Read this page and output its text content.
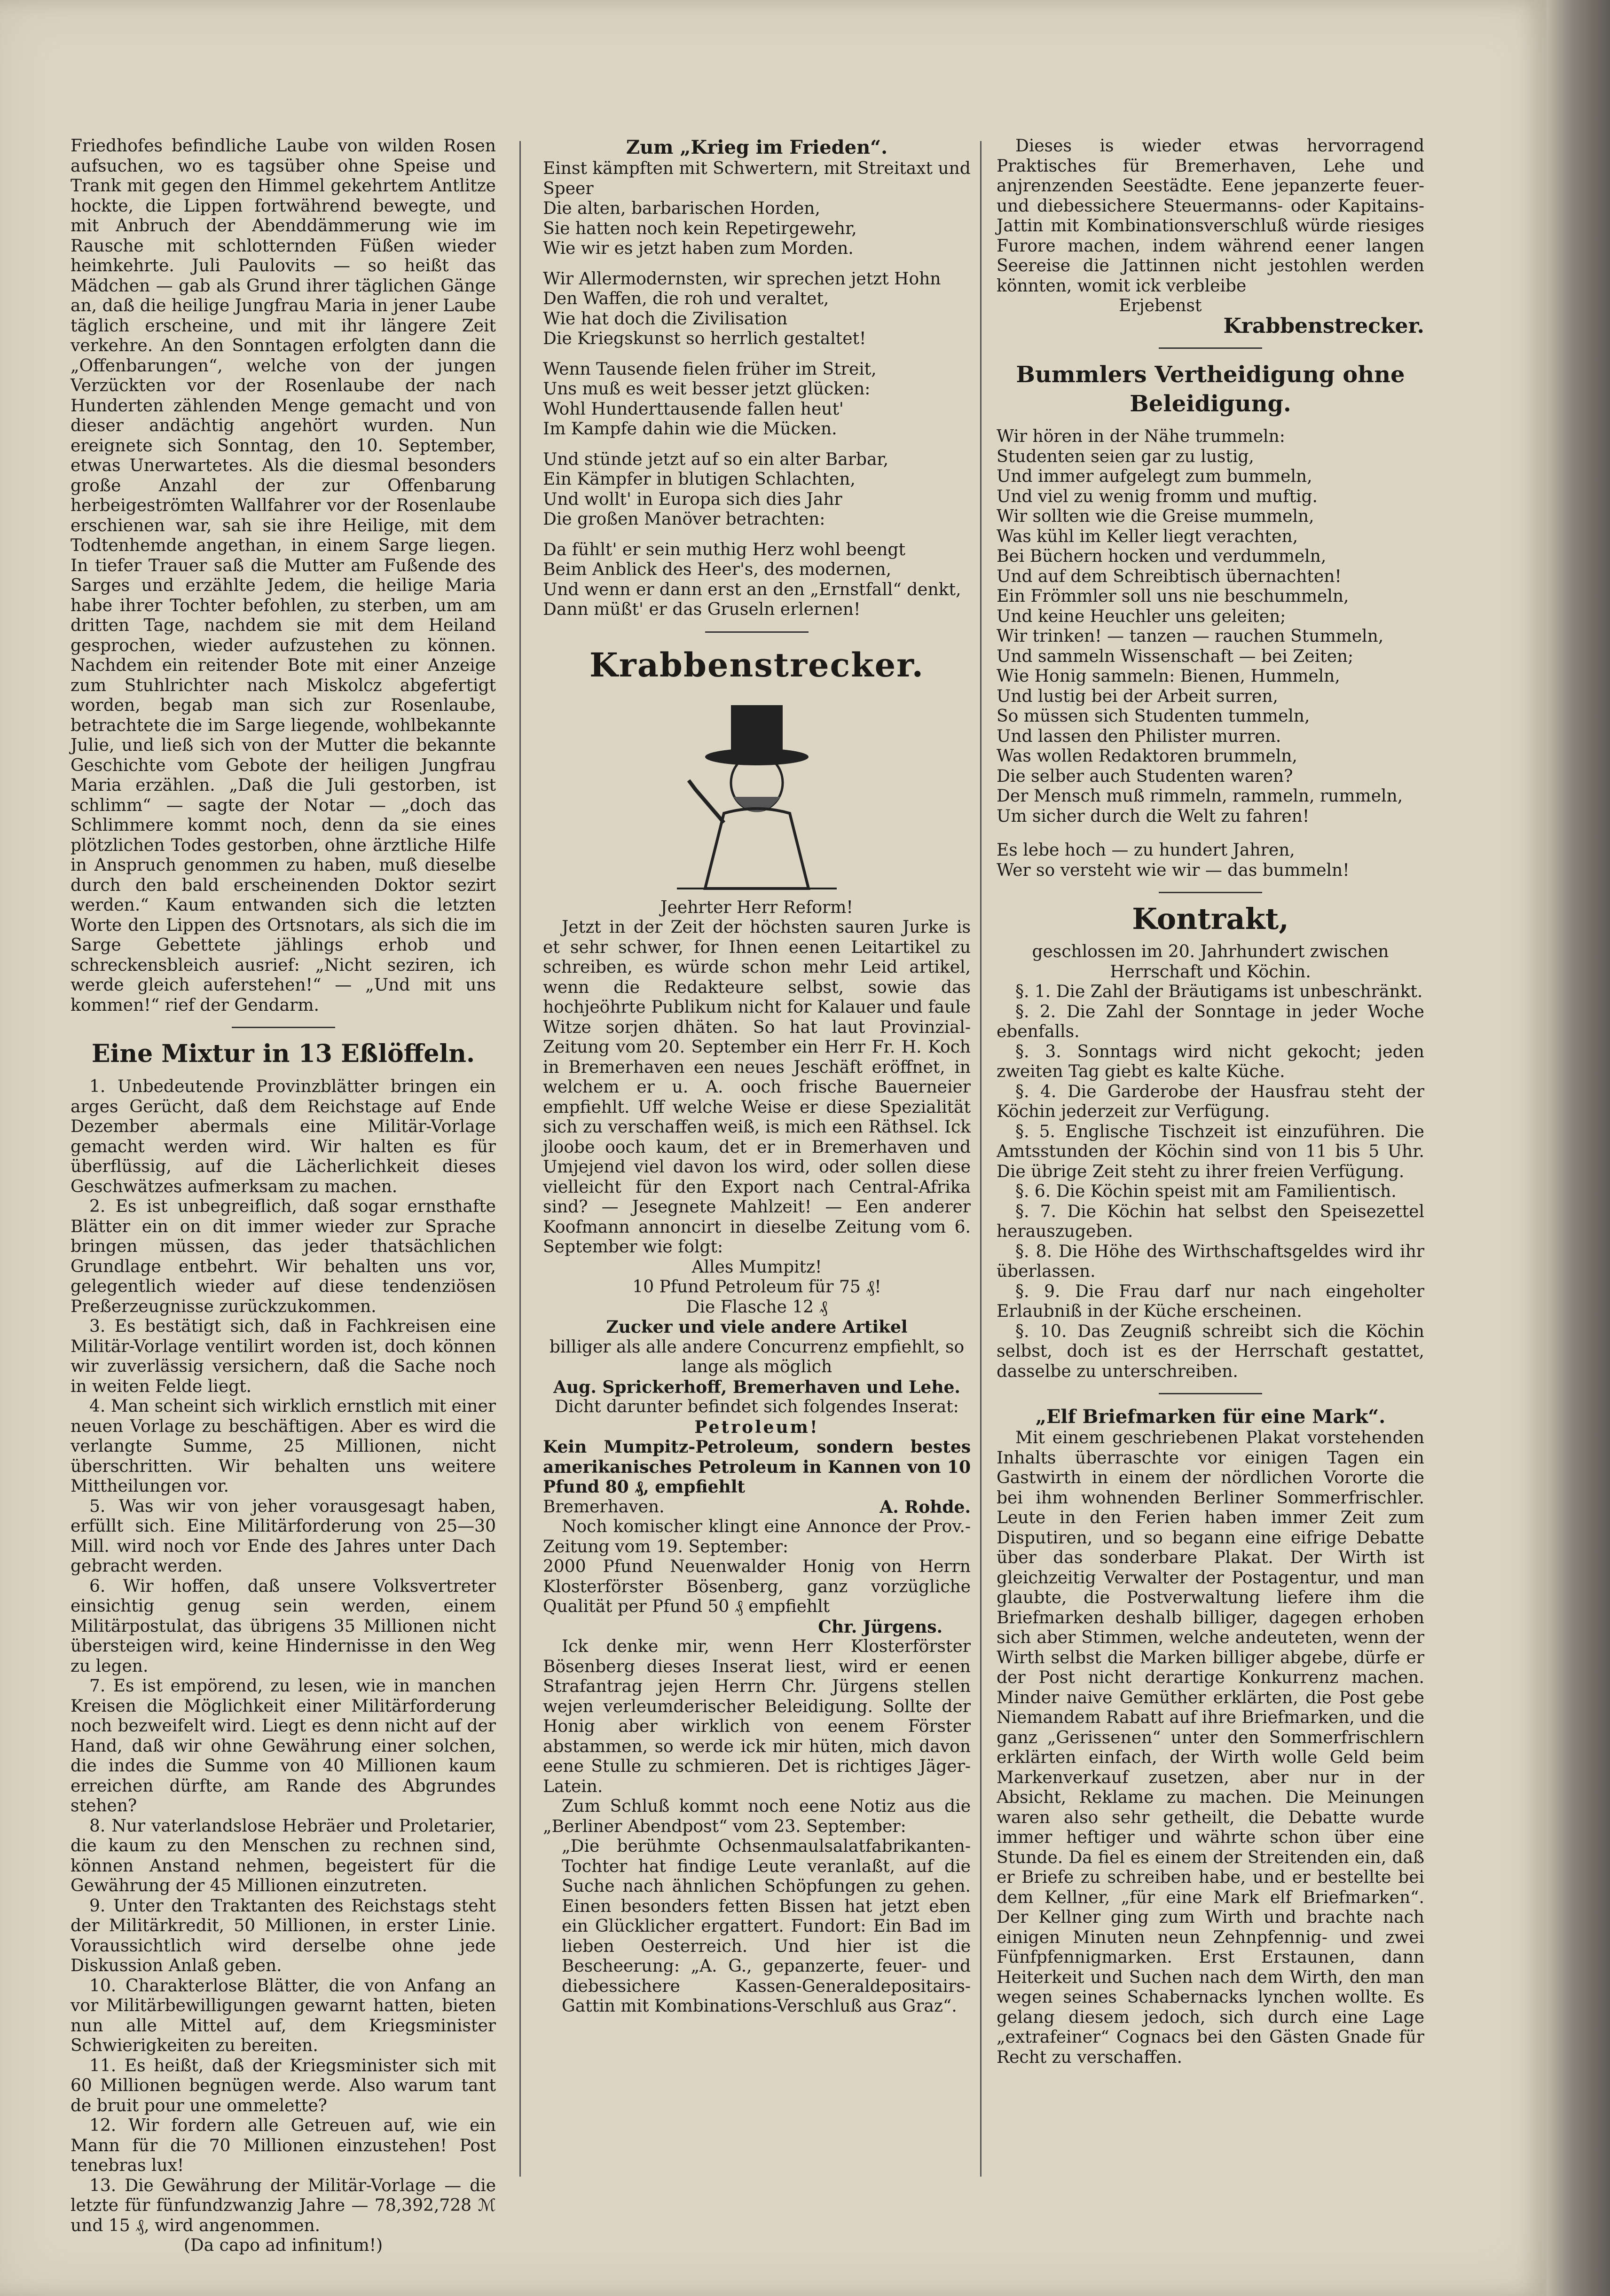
Friedhofes befindliche Laube von wilden Rosen aufsuchen, wo es tagsüber ohne Speise und Trank mit gegen den Himmel gekehrtem Antlitze hockte, die Lippen fortwährend bewegte, und mit Anbruch der Abenddämmerung wie im Rausche mit schlotternden Füßen wieder heimkehrte. Juli Paulovits — so heißt das Mädchen — gab als Grund ihrer täglichen Gänge an, daß die heilige Jungfrau Maria in jener Laube täglich erscheine, und mit ihr längere Zeit verkehre. An den Sonntagen erfolgten dann die „Offenbarungen“, welche von der jungen Verzückten vor der Rosenlaube der nach Hunderten zählenden Menge gemacht und von dieser andächtig angehört wurden. Nun ereignete sich Sonntag, den 10. September, etwas Unerwartetes. Als die diesmal besonders große Anzahl der zur Offenbarung herbeigeströmten Wallfahrer vor der Rosenlaube erschienen war, sah sie ihre Heilige, mit dem Todtenhemde angethan, in einem Sarge liegen. In tiefer Trauer saß die Mutter am Fußende des Sarges und erzählte Jedem, die heilige Maria habe ihrer Tochter befohlen, zu sterben, um am dritten Tage, nachdem sie mit dem Heiland gesprochen, wieder aufzustehen zu können. Nachdem ein reitender Bote mit einer Anzeige zum Stuhlrichter nach Miskolcz abgefertigt worden, begab man sich zur Rosenlaube, betrachtete die im Sarge liegende, wohlbekannte Julie, und ließ sich von der Mutter die bekannte Geschichte vom Gebote der heiligen Jungfrau Maria erzählen. „Daß die Juli gestorben, ist schlimm“ — sagte der Notar — „doch das Schlimmere kommt noch, denn da sie eines plötzlichen Todes gestorben, ohne ärztliche Hilfe in Anspruch genommen zu haben, muß dieselbe durch den bald erscheinenden Doktor sezirt werden.“ Kaum entwanden sich die letzten Worte den Lippen des Ortsnotars, als sich die im Sarge Gebettete jählings erhob und schreckensbleich ausrief: „Nicht seziren, ich werde gleich auferstehen!“ — „Und mit uns kommen!“ rief der Gendarm.

Eine Mixtur in 13 Eßlöffeln.

1. Unbedeutende Provinzblätter bringen ein arges Gerücht, daß dem Reichstage auf Ende Dezember abermals eine Militär-Vorlage gemacht werden wird. Wir halten es für überflüssig, auf die Lächerlichkeit dieses Geschwätzes aufmerksam zu machen.

2. Es ist unbegreiflich, daß sogar ernsthafte Blätter ein on dit immer wieder zur Sprache bringen müssen, das jeder thatsächlichen Grundlage entbehrt. Wir behalten uns vor, gelegentlich wieder auf diese tendenziösen Preßerzeugnisse zurückzukommen.

3. Es bestätigt sich, daß in Fachkreisen eine Militär-Vorlage ventilirt worden ist, doch können wir zuverlässig versichern, daß die Sache noch in weiten Felde liegt.

4. Man scheint sich wirklich ernstlich mit einer neuen Vorlage zu beschäftigen. Aber es wird die verlangte Summe, 25 Millionen, nicht überschritten. Wir behalten uns weitere Mittheilungen vor.

5. Was wir von jeher vorausgesagt haben, erfüllt sich. Eine Militärforderung von 25—30 Mill. wird noch vor Ende des Jahres unter Dach gebracht werden.

6. Wir hoffen, daß unsere Volksvertreter einsichtig genug sein werden, einem Militärpostulat, das übrigens 35 Millionen nicht übersteigen wird, keine Hindernisse in den Weg zu legen.

7. Es ist empörend, zu lesen, wie in manchen Kreisen die Möglichkeit einer Militärforderung noch bezweifelt wird. Liegt es denn nicht auf der Hand, daß wir ohne Gewährung einer solchen, die indes die Summe von 40 Millionen kaum erreichen dürfte, am Rande des Abgrundes stehen?

8. Nur vaterlandslose Hebräer und Proletarier, die kaum zu den Menschen zu rechnen sind, können Anstand nehmen, begeistert für die Gewährung der 45 Millionen einzutreten.

9. Unter den Traktanten des Reichstags steht der Militärkredit, 50 Millionen, in erster Linie. Voraussichtlich wird derselbe ohne jede Diskussion Anlaß geben.

10. Charakterlose Blätter, die von Anfang an vor Militärbewilligungen gewarnt hatten, bieten nun alle Mittel auf, dem Kriegsminister Schwierigkeiten zu bereiten.

11. Es heißt, daß der Kriegsminister sich mit 60 Millionen begnügen werde. Also warum tant de bruit pour une ommelette?

12. Wir fordern alle Getreuen auf, wie ein Mann für die 70 Millionen einzustehen! Post tenebras lux!

13. Die Gewährung der Militär-Vorlage — die letzte für fünfundzwanzig Jahre — 78,392,728 ℳ und 15 ₰, wird angenommen.

(Da capo ad infinitum!)

Zum „Krieg im Frieden“.

Einst kämpften mit Schwertern, mit Streitaxt und Speer

Die alten, barbarischen Horden,

Sie hatten noch kein Repetirgewehr,

Wie wir es jetzt haben zum Morden.

Wir Allermodernsten, wir sprechen jetzt Hohn

Den Waffen, die roh und veraltet,

Wie hat doch die Zivilisation

Die Kriegskunst so herrlich gestaltet!

Wenn Tausende fielen früher im Streit,

Uns muß es weit besser jetzt glücken:

Wohl Hunderttausende fallen heut'

Im Kampfe dahin wie die Mücken.

Und stünde jetzt auf so ein alter Barbar,

Ein Kämpfer in blutigen Schlachten,

Und wollt' in Europa sich dies Jahr

Die großen Manöver betrachten:

Da fühlt' er sein muthig Herz wohl beengt

Beim Anblick des Heer's, des modernen,

Und wenn er dann erst an den „Ernstfall“ denkt,

Dann müßt' er das Gruseln erlernen!

Krabbenstrecker.

Jeehrter Herr Reform!

Jetzt in der Zeit der höchsten sauren Jurke is et sehr schwer, for Ihnen eenen Leitartikel zu schreiben, es würde schon mehr Leid artikel, wenn die Redakteure selbst, sowie das hochjeöhrte Publikum nicht for Kalauer und faule Witze sorjen dhäten. So hat laut Provinzial-Zeitung vom 20. September ein Herr Fr. H. Koch in Bremerhaven een neues Jeschäft eröffnet, in welchem er u. A. ooch frische Bauerneier empfiehlt. Uff welche Weise er diese Spezialität sich zu verschaffen weiß, is mich een Räthsel. Ick jloobe ooch kaum, det er in Bremerhaven und Umjejend viel davon los wird, oder sollen diese vielleicht für den Export nach Central-Afrika sind? — Jesegnete Mahlzeit! — Een anderer Koofmann annoncirt in dieselbe Zeitung vom 6. September wie folgt:

Alles Mumpitz!

10 Pfund Petroleum für 75 ₰!

Die Flasche 12 ₰

Zucker und viele andere Artikel

billiger als alle andere Concurrenz empfiehlt, so lange als möglich

Aug. Sprickerhoff, Bremerhaven und Lehe.

Dicht darunter befindet sich folgendes Inserat:

Petroleum!

Kein Mumpitz-Petroleum, sondern bestes amerikanisches Petroleum in Kannen von 10 Pfund 80 ₰, empfiehlt

Bremerhaven.	A. Rohde.

Noch komischer klingt eine Annonce der Prov.-Zeitung vom 19. September:

2000 Pfund Neuenwalder Honig von Herrn Klosterförster Bösenberg, ganz vorzügliche Qualität per Pfund 50 ₰ empfiehlt

Chr. Jürgens.

Ick denke mir, wenn Herr Klosterförster Bösenberg dieses Inserat liest, wird er eenen Strafantrag jejen Herrn Chr. Jürgens stellen wejen verleumderischer Beleidigung. Sollte der Honig aber wirklich von eenem Förster abstammen, so werde ick mir hüten, mich davon eene Stulle zu schmieren. Det is richtiges Jäger-Latein.

Zum Schluß kommt noch eene Notiz aus die „Berliner Abendpost“ vom 23. September:

„Die berühmte Ochsenmaulsalatfabrikanten-Tochter hat findige Leute veranlaßt, auf die Suche nach ähnlichen Schöpfungen zu gehen. Einen besonders fetten Bissen hat jetzt eben ein Glücklicher ergattert. Fundort: Ein Bad im lieben Oesterreich. Und hier ist die Bescheerung: „A. G., gepanzerte, feuer- und diebessichere Kassen-Generaldepositairs-Gattin mit Kombinations-Verschluß aus Graz“.

Dieses is wieder etwas hervorragend Praktisches für Bremerhaven, Lehe und anjrenzenden Seestädte. Eene jepanzerte feuer- und diebessichere Steuermanns- oder Kapitains-Jattin mit Kombinationsverschluß würde riesiges Furore machen, indem während eener langen Seereise die Jattinnen nicht jestohlen werden könnten, womit ick verbleibe

Erjebenst

Krabbenstrecker.

Bummlers Vertheidigung ohne Beleidigung.

Wir hören in der Nähe trummeln:

Studenten seien gar zu lustig,

Und immer aufgelegt zum bummeln,

Und viel zu wenig fromm und muftig.

Wir sollten wie die Greise mummeln,

Was kühl im Keller liegt verachten,

Bei Büchern hocken und verdummeln,

Und auf dem Schreibtisch übernachten!

Ein Frömmler soll uns nie beschummeln,

Und keine Heuchler uns geleiten;

Wir trinken! — tanzen — rauchen Stummeln,

Und sammeln Wissenschaft — bei Zeiten;

Wie Honig sammeln: Bienen, Hummeln,

Und lustig bei der Arbeit surren,

So müssen sich Studenten tummeln,

Und lassen den Philister murren.

Was wollen Redaktoren brummeln,

Die selber auch Studenten waren?

Der Mensch muß rimmeln, rammeln, rummeln,

Um sicher durch die Welt zu fahren!

Es lebe hoch — zu hundert Jahren,

Wer so versteht wie wir — das bummeln!

Kontrakt,

geschlossen im 20. Jahrhundert zwischen Herrschaft und Köchin.

§. 1. Die Zahl der Bräutigams ist unbeschränkt.

§. 2. Die Zahl der Sonntage in jeder Woche ebenfalls.

§. 3. Sonntags wird nicht gekocht; jeden zweiten Tag giebt es kalte Küche.

§. 4. Die Garderobe der Hausfrau steht der Köchin jederzeit zur Verfügung.

§. 5. Englische Tischzeit ist einzuführen. Die Amtsstunden der Köchin sind von 11 bis 5 Uhr. Die übrige Zeit steht zu ihrer freien Verfügung.

§. 6. Die Köchin speist mit am Familientisch.

§. 7. Die Köchin hat selbst den Speisezettel herauszugeben.

§. 8. Die Höhe des Wirthschaftsgeldes wird ihr überlassen.

§. 9. Die Frau darf nur nach eingeholter Erlaubniß in der Küche erscheinen.

§. 10. Das Zeugniß schreibt sich die Köchin selbst, doch ist es der Herrschaft gestattet, dasselbe zu unterschreiben.

„Elf Briefmarken für eine Mark“.

Mit einem geschriebenen Plakat vorstehenden Inhalts überraschte vor einigen Tagen ein Gastwirth in einem der nördlichen Vororte die bei ihm wohnenden Berliner Sommerfrischler. Leute in den Ferien haben immer Zeit zum Disputiren, und so begann eine eifrige Debatte über das sonderbare Plakat. Der Wirth ist gleichzeitig Verwalter der Postagentur, und man glaubte, die Postverwaltung liefere ihm die Briefmarken deshalb billiger, dagegen erhoben sich aber Stimmen, welche andeuteten, wenn der Wirth selbst die Marken billiger abgebe, dürfe er der Post nicht derartige Konkurrenz machen. Minder naive Gemüther erklärten, die Post gebe Niemandem Rabatt auf ihre Briefmarken, und die ganz „Gerissenen“ unter den Sommerfrischlern erklärten einfach, der Wirth wolle Geld beim Markenverkauf zusetzen, aber nur in der Absicht, Reklame zu machen. Die Meinungen waren also sehr getheilt, die Debatte wurde immer heftiger und währte schon über eine Stunde. Da fiel es einem der Streitenden ein, daß er Briefe zu schreiben habe, und er bestellte bei dem Kellner, „für eine Mark elf Briefmarken“. Der Kellner ging zum Wirth und brachte nach einigen Minuten neun Zehnpfennig- und zwei Fünfpfennigmarken. Erst Erstaunen, dann Heiterkeit und Suchen nach dem Wirth, den man wegen seines Schabernacks lynchen wollte. Es gelang diesem jedoch, sich durch eine Lage „extrafeiner“ Cognacs bei den Gästen Gnade für Recht zu verschaffen.
